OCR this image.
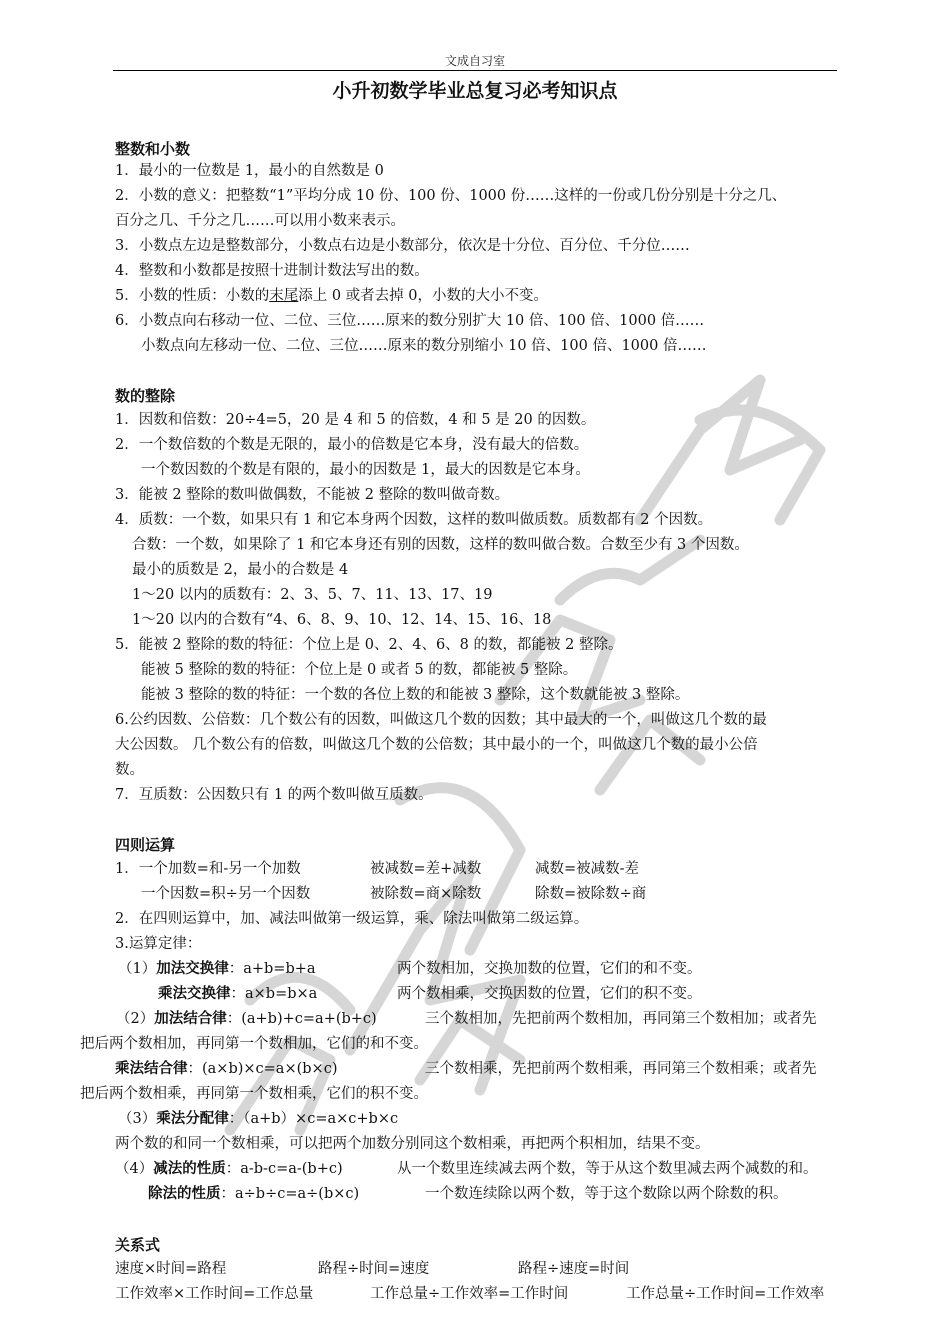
文成自习室
小升初数学毕业总复习必考知识点
整数和小数
1．最小的一位数是 1，最小的自然数是 0
2．小数的意义：把整数“1”平均分成 10 份、100 份、1000 份……这样的一份或几份分别是十分之几、
百分之几、千分之几……可以用小数来表示。
3．小数点左边是整数部分，小数点右边是小数部分，依次是十分位、百分位、千分位……
4．整数和小数都是按照十进制计数法写出的数。
5．小数的性质：小数的末尾添上 0 或者去掉 0，小数的大小不变。
6．小数点向右移动一位、二位、三位……原来的数分别扩大 10 倍、100 倍、1000 倍……
小数点向左移动一位、二位、三位……原来的数分别缩小 10 倍、100 倍、1000 倍……
数的整除
1．因数和倍数：20÷4=5，20 是 4 和 5 的倍数，4 和 5 是 20 的因数。
2．一个数倍数的个数是无限的，最小的倍数是它本身，没有最大的倍数。
一个数因数的个数是有限的，最小的因数是 1，最大的因数是它本身。
3．能被 2 整除的数叫做偶数，不能被 2 整除的数叫做奇数。
4．质数：一个数，如果只有 1 和它本身两个因数，这样的数叫做质数。质数都有 2 个因数。
合数：一个数，如果除了 1 和它本身还有别的因数，这样的数叫做合数。合数至少有 3 个因数。
最小的质数是 2，最小的合数是 4
1～20 以内的质数有：2、3、5、7、11、13、17、19
1～20 以内的合数有“4、6、8、9、10、12、14、15、16、18
5．能被 2 整除的数的特征：个位上是 0、2、4、6、8 的数，都能被 2 整除。
能被 5 整除的数的特征：个位上是 0 或者 5 的数，都能被 5 整除。
能被 3 整除的数的特征：一个数的各位上数的和能被 3 整除，这个数就能被 3 整除。
6.公约因数、公倍数：几个数公有的因数，叫做这几个数的因数；其中最大的一个，叫做这几个数的最
大公因数。 几个数公有的倍数，叫做这几个数的公倍数；其中最小的一个，叫做这几个数的最小公倍
数。
7．互质数：公因数只有 1 的两个数叫做互质数。
四则运算
1．一个加数=和-另一个加数	被减数=差+减数	减数=被减数-差
一个因数=积÷另一个因数	被除数=商×除数	除数=被除数÷商
2．在四则运算中，加、减法叫做第一级运算，乘、除法叫做第二级运算。
3.运算定律：
（1）加法交换律：a+b=b+a	两个数相加，交换加数的位置，它们的和不变。
乘法交换律：a×b=b×a	两个数相乘，交换因数的位置，它们的积不变。
（2）加法结合律：(a+b)+c=a+(b+c)	三个数相加，先把前两个数相加，再同第三个数相加；或者先
把后两个数相加，再同第一个数相加，它们的和不变。
乘法结合律：(a×b)×c=a×(b×c)	三个数相乘，先把前两个数相乘，再同第三个数相乘；或者先
把后两个数相乘，再同第一个数相乘，它们的积不变。
（3）乘法分配律：（a+b）×c=a×c+b×c
两个数的和同一个数相乘，可以把两个加数分别同这个数相乘，再把两个积相加，结果不变。
（4）减法的性质：a-b-c=a-(b+c)	从一个数里连续减去两个数，等于从这个数里减去两个减数的和。
除法的性质：a÷b÷c=a÷(b×c)	一个数连续除以两个数，等于这个数除以两个除数的积。
关系式
速度×时间=路程	路程÷时间=速度	路程÷速度=时间
工作效率×工作时间=工作总量	工作总量÷工作效率=工作时间	工作总量÷工作时间=工作效率
